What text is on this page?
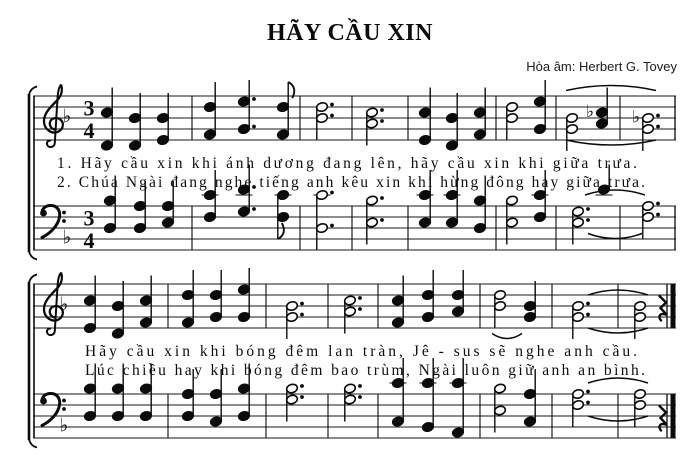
HÃY CẦU XIN
Hòa âm: Herbert G. Tovey
♭ 3
4
♭ ♭
♭
3
4
1. Hãy cầu xin khi ánh dương đang lên, hãy cầu xin khi giữa trưa.
2. Chúa Ngài đang nghe tiếng anh kêu xin khi hừng đông hay giữa trưa.
♭
♭
Hãy cầu xin khi bóng đêm lan tràn, Jê - sus sẽ nghe anh cầu.
Lúc chiều hay khi bóng đêm bao trùm, Ngài luôn giữ anh an bình.
